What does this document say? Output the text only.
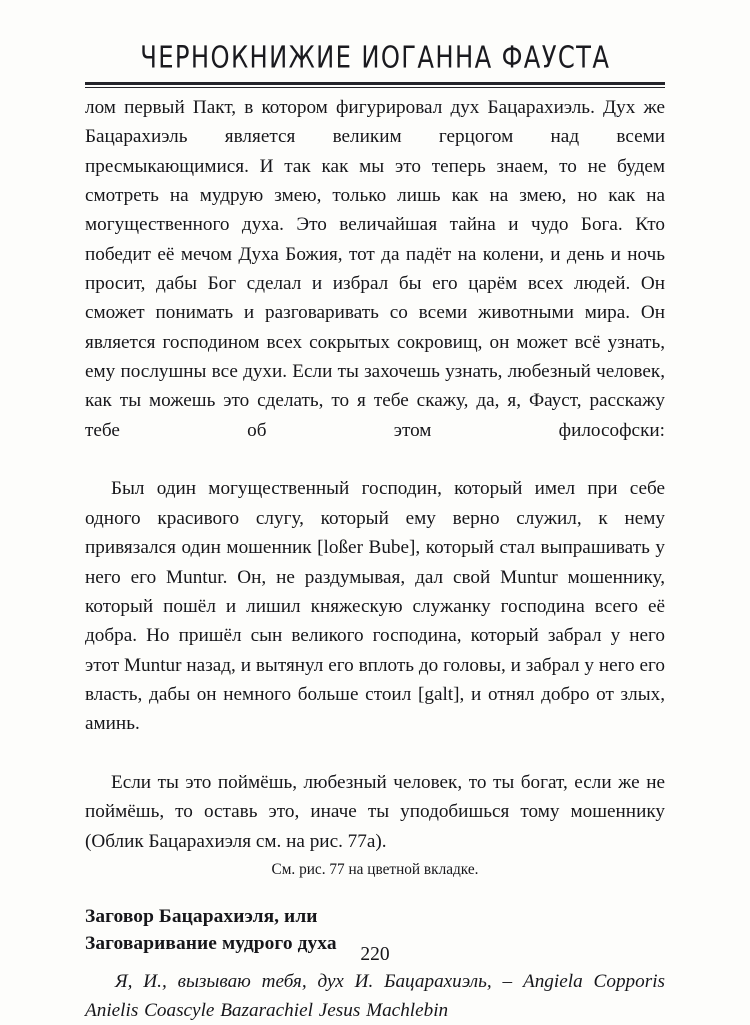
ЧЕРНОКНИЖИЕ ИОГАННА ФАУСТА

лом первый Пакт, в котором фигурировал дух Бацарахиэль. Дух же Бацарахиэль является великим герцогом над всеми пресмыкающимися. И так как мы это теперь знаем, то не будем смотреть на мудрую змею, только лишь как на змею, но как на могущественного духа. Это величайшая тайна и чудо Бога. Кто победит её мечом Духа Божия, тот да падёт на колени, и день и ночь просит, дабы Бог сделал и избрал бы его царём всех людей. Он сможет понимать и разговаривать со всеми животными мира. Он является господином всех сокрытых сокровищ, он может всё узнать, ему послушны все духи. Если ты захочешь узнать, любезный человек, как ты можешь это сделать, то я тебе скажу, да, я, Фауст, расскажу тебе об этом философски:

Был один могущественный господин, который имел при себе одного красивого слугу, который ему верно служил, к нему привязался один мошенник [loßer Bube], который стал выпрашивать у него его Muntur. Он, не раздумывая, дал свой Muntur мошеннику, который пошёл и лишил княжескую служанку господина всего её добра. Но пришёл сын великого господина, который забрал у него этот Muntur назад, и вытянул его вплоть до головы, и забрал у него его власть, дабы он немного больше стоил [galt], и отнял добро от злых, аминь.

Если ты это поймёшь, любезный человек, то ты богат, если же не поймёшь, то оставь это, иначе ты уподобишься тому мошеннику (Облик Бацарахиэля см. на рис. 77а).

См. рис. 77 на цветной вкладке.

Заговор Бацарахиэля, или
Заговаривание мудрого духа

Я, И., вызываю тебя, дух И. Бацарахиэль, – Angiela Copporis Anielis Coascyle Bazarachiel Jesus Machlebin

220
